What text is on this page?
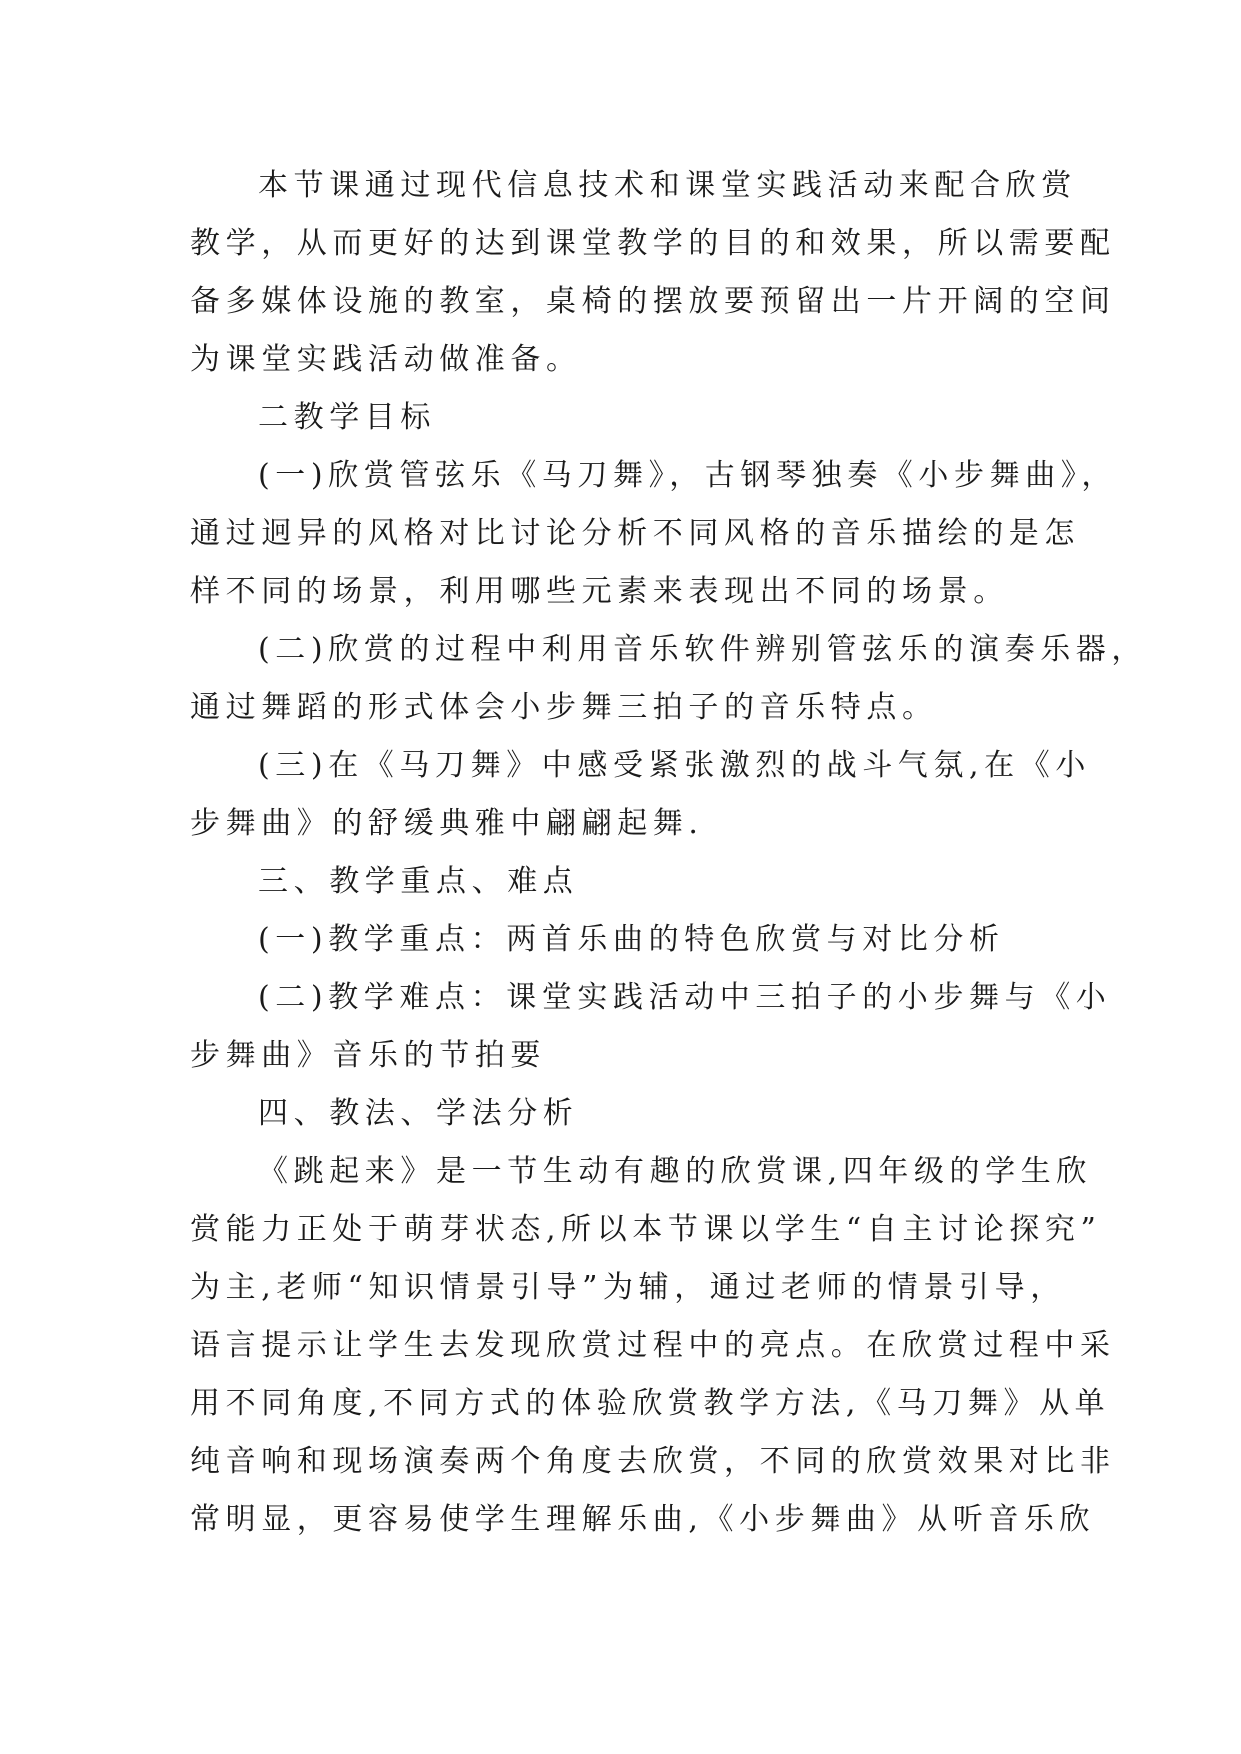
本节课通过现代信息技术和课堂实践活动来配合欣赏
教学，从而更好的达到课堂教学的目的和效果，所以需要配
备多媒体设施的教室，桌椅的摆放要预留出一片开阔的空间
为课堂实践活动做准备。
二教学目标
(一)欣赏管弦乐《马刀舞》，古钢琴独奏《小步舞曲》，
通过迥异的风格对比讨论分析不同风格的音乐描绘的是怎
样不同的场景，利用哪些元素来表现出不同的场景。
(二)欣赏的过程中利用音乐软件辨别管弦乐的演奏乐器，
通过舞蹈的形式体会小步舞三拍子的音乐特点。
(三)在《马刀舞》中感受紧张激烈的战斗气氛,在《小
步舞曲》的舒缓典雅中翩翩起舞.
三、教学重点、难点
(一)教学重点：两首乐曲的特色欣赏与对比分析
(二)教学难点：课堂实践活动中三拍子的小步舞与《小
步舞曲》音乐的节拍要
四、教法、学法分析
《跳起来》是一节生动有趣的欣赏课,四年级的学生欣
赏能力正处于萌芽状态,所以本节课以学生“自主讨论探究”
为主,老师“知识情景引导”为辅，通过老师的情景引导，
语言提示让学生去发现欣赏过程中的亮点。在欣赏过程中采
用不同角度,不同方式的体验欣赏教学方法,《马刀舞》从单
纯音响和现场演奏两个角度去欣赏，不同的欣赏效果对比非
常明显，更容易使学生理解乐曲,《小步舞曲》从听音乐欣
